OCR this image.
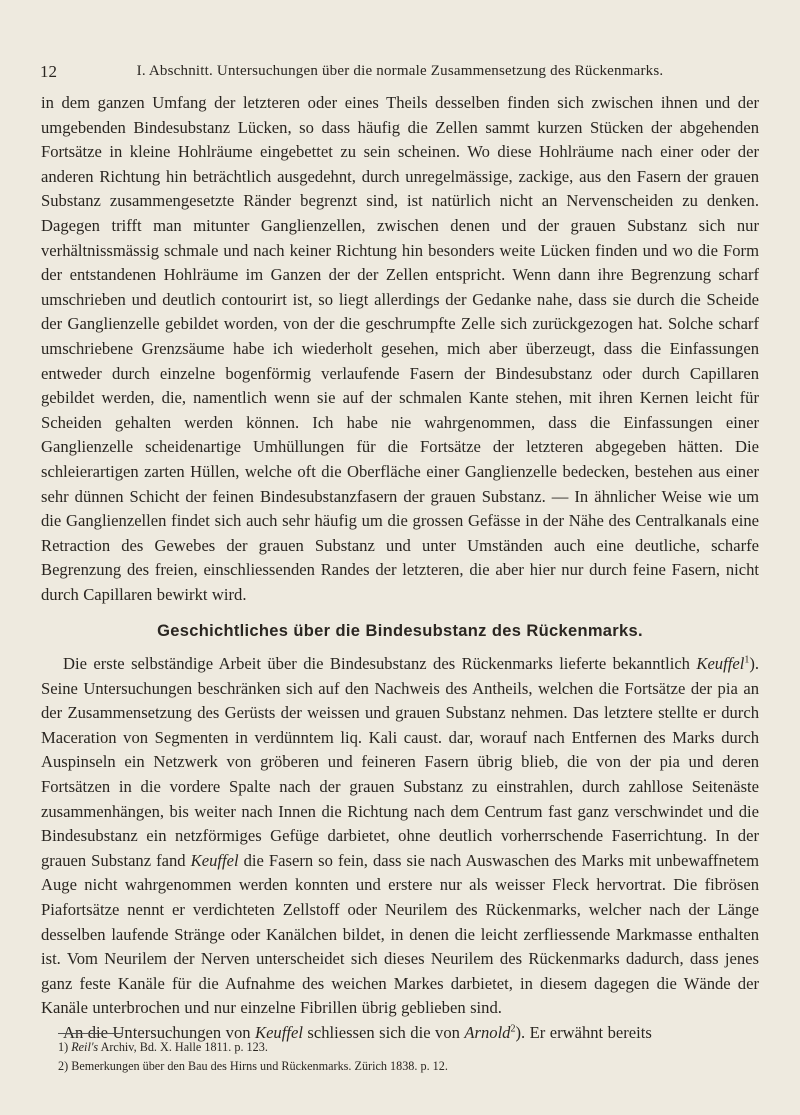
12	I. Abschnitt. Untersuchungen über die normale Zusammensetzung des Rückenmarks.

in dem ganzen Umfang der letzteren oder eines Theils desselben finden sich zwischen ihnen und der umgebenden Bindesubstanz Lücken, so dass häufig die Zellen sammt kurzen Stücken der abgehenden Fortsätze in kleine Hohlräume eingebettet zu sein scheinen. Wo diese Hohlräume nach einer oder der anderen Richtung hin beträchtlich ausgedehnt, durch unregelmässige, zackige, aus den Fasern der grauen Substanz zusammengesetzte Ränder begrenzt sind, ist natürlich nicht an Nervenscheiden zu denken. Dagegen trifft man mitunter Ganglienzellen, zwischen denen und der grauen Substanz sich nur verhältnissmässig schmale und nach keiner Richtung hin besonders weite Lücken finden und wo die Form der entstandenen Hohlräume im Ganzen der der Zellen entspricht. Wenn dann ihre Begrenzung scharf umschrieben und deutlich contourirt ist, so liegt allerdings der Gedanke nahe, dass sie durch die Scheide der Ganglienzelle gebildet worden, von der die geschrumpfte Zelle sich zurückgezogen hat. Solche scharf umschriebene Grenzsäume habe ich wiederholt gesehen, mich aber überzeugt, dass die Einfassungen entweder durch einzelne bogenförmig verlaufende Fasern der Bindesubstanz oder durch Capillaren gebildet werden, die, namentlich wenn sie auf der schmalen Kante stehen, mit ihren Kernen leicht für Scheiden gehalten werden können. Ich habe nie wahrgenommen, dass die Einfassungen einer Ganglienzelle scheidenartige Umhüllungen für die Fortsätze der letzteren abgegeben hätten. Die schleierartigen zarten Hüllen, welche oft die Oberfläche einer Ganglienzelle bedecken, bestehen aus einer sehr dünnen Schicht der feinen Bindesubstanzfasern der grauen Substanz. — In ähnlicher Weise wie um die Ganglienzellen findet sich auch sehr häufig um die grossen Gefässe in der Nähe des Centralkanals eine Retraction des Gewebes der grauen Substanz und unter Umständen auch eine deutliche, scharfe Begrenzung des freien, einschliessenden Randes der letzteren, die aber hier nur durch feine Fasern, nicht durch Capillaren bewirkt wird.

Geschichtliches über die Bindesubstanz des Rückenmarks.

Die erste selbständige Arbeit über die Bindesubstanz des Rückenmarks lieferte bekanntlich Keuffel$^1$). Seine Untersuchungen beschränken sich auf den Nachweis des Antheils, welchen die Fortsätze der pia an der Zusammensetzung des Gerüsts der weissen und grauen Substanz nehmen. Das letztere stellte er durch Maceration von Segmenten in verdünntem liq. Kali caust. dar, worauf nach Entfernen des Marks durch Auspinseln ein Netzwerk von gröberen und feineren Fasern übrig blieb, die von der pia und deren Fortsätzen in die vordere Spalte nach der grauen Substanz zu einstrahlen, durch zahllose Seitenäste zusammenhängen, bis weiter nach Innen die Richtung nach dem Centrum fast ganz verschwindet und die Bindesubstanz ein netzförmiges Gefüge darbietet, ohne deutlich vorherrschende Faserrichtung. In der grauen Substanz fand Keuffel die Fasern so fein, dass sie nach Auswaschen des Marks mit unbewaffnetem Auge nicht wahrgenommen werden konnten und erstere nur als weisser Fleck hervortrat. Die fibrösen Piafortsätze nennt er verdichteten Zellstoff oder Neurilem des Rückenmarks, welcher nach der Länge desselben laufende Stränge oder Kanälchen bildet, in denen die leicht zerfliessende Markmasse enthalten ist. Vom Neurilem der Nerven unterscheidet sich dieses Neurilem des Rückenmarks dadurch, dass jenes ganz feste Kanäle für die Aufnahme des weichen Markes darbietet, in diesem dagegen die Wände der Kanäle unterbrochen und nur einzelne Fibrillen übrig geblieben sind.

An die Untersuchungen von Keuffel schliessen sich die von Arnold$^2$). Er erwähnt bereits

1) Reil's Archiv, Bd. X. Halle 1811. p. 123.
2) Bemerkungen über den Bau des Hirns und Rückenmarks. Zürich 1838. p. 12.
